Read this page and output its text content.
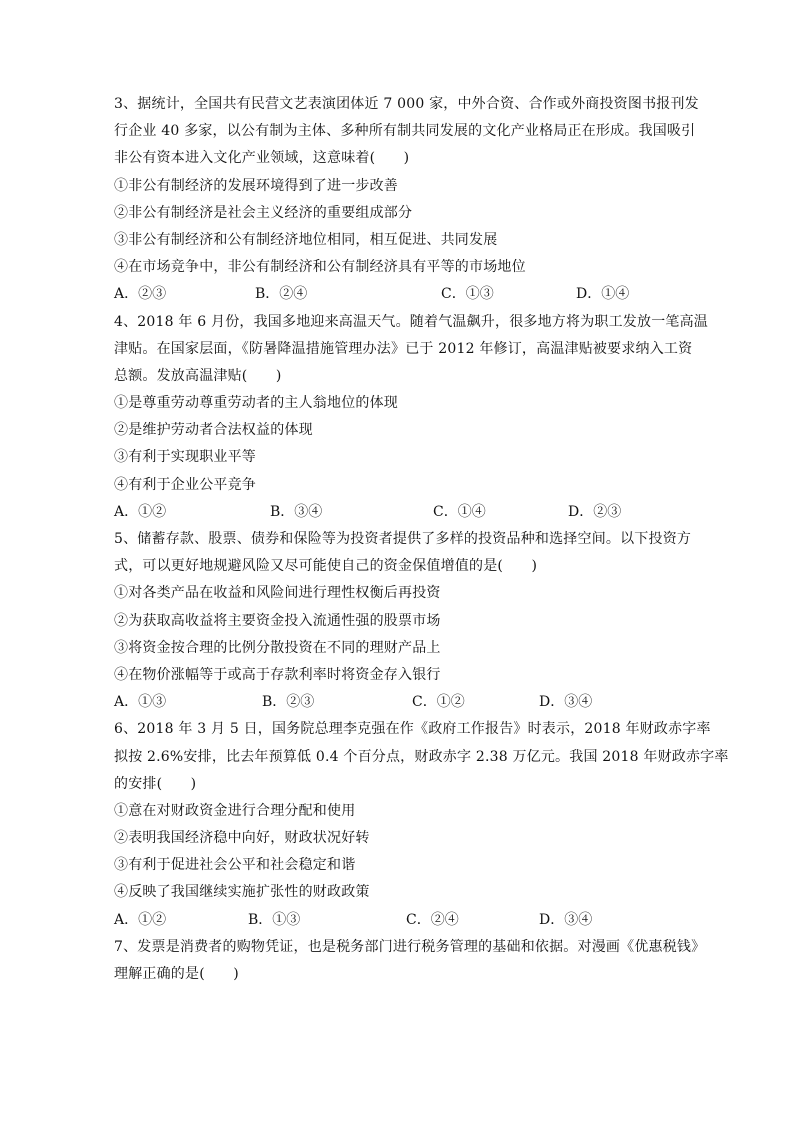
3、据统计，全国共有民营文艺表演团体近 7 000 家，中外合资、合作或外商投资图书报刊发
行企业 40 多家，以公有制为主体、多种所有制共同发展的文化产业格局正在形成。我国吸引
非公有资本进入文化产业领域，这意味着(　　)
①非公有制经济的发展环境得到了进一步改善
②非公有制经济是社会主义经济的重要组成部分
③非公有制经济和公有制经济地位相同，相互促进、共同发展
④在市场竞争中，非公有制经济和公有制经济具有平等的市场地位
A．②③	B．②④	C．①③	D．①④
4、2018 年 6 月份，我国多地迎来高温天气。随着气温飙升，很多地方将为职工发放一笔高温
津贴。在国家层面，《防暑降温措施管理办法》已于 2012 年修订，高温津贴被要求纳入工资
总额。发放高温津贴(　　)
①是尊重劳动尊重劳动者的主人翁地位的体现
②是维护劳动者合法权益的体现
③有利于实现职业平等
④有利于企业公平竞争
A．①②	B．③④	C．①④	D．②③
5、储蓄存款、股票、债券和保险等为投资者提供了多样的投资品种和选择空间。以下投资方
式，可以更好地规避风险又尽可能使自己的资金保值增值的是(　　)
①对各类产品在收益和风险间进行理性权衡后再投资
②为获取高收益将主要资金投入流通性强的股票市场
③将资金按合理的比例分散投资在不同的理财产品上
④在物价涨幅等于或高于存款利率时将资金存入银行
A．①③	B．②③	C．①②	D．③④
6、2018 年 3 月 5 日，国务院总理李克强在作《政府工作报告》时表示，2018 年财政赤字率
拟按 2.6%安排，比去年预算低 0.4 个百分点，财政赤字 2.38 万亿元。我国 2018 年财政赤字率
的安排(　　)
①意在对财政资金进行合理分配和使用
②表明我国经济稳中向好，财政状况好转
③有利于促进社会公平和社会稳定和谐
④反映了我国继续实施扩张性的财政政策
A．①②	B．①③	C．②④	D．③④
7、发票是消费者的购物凭证，也是税务部门进行税务管理的基础和依据。对漫画《优惠税钱》
理解正确的是(　　)
